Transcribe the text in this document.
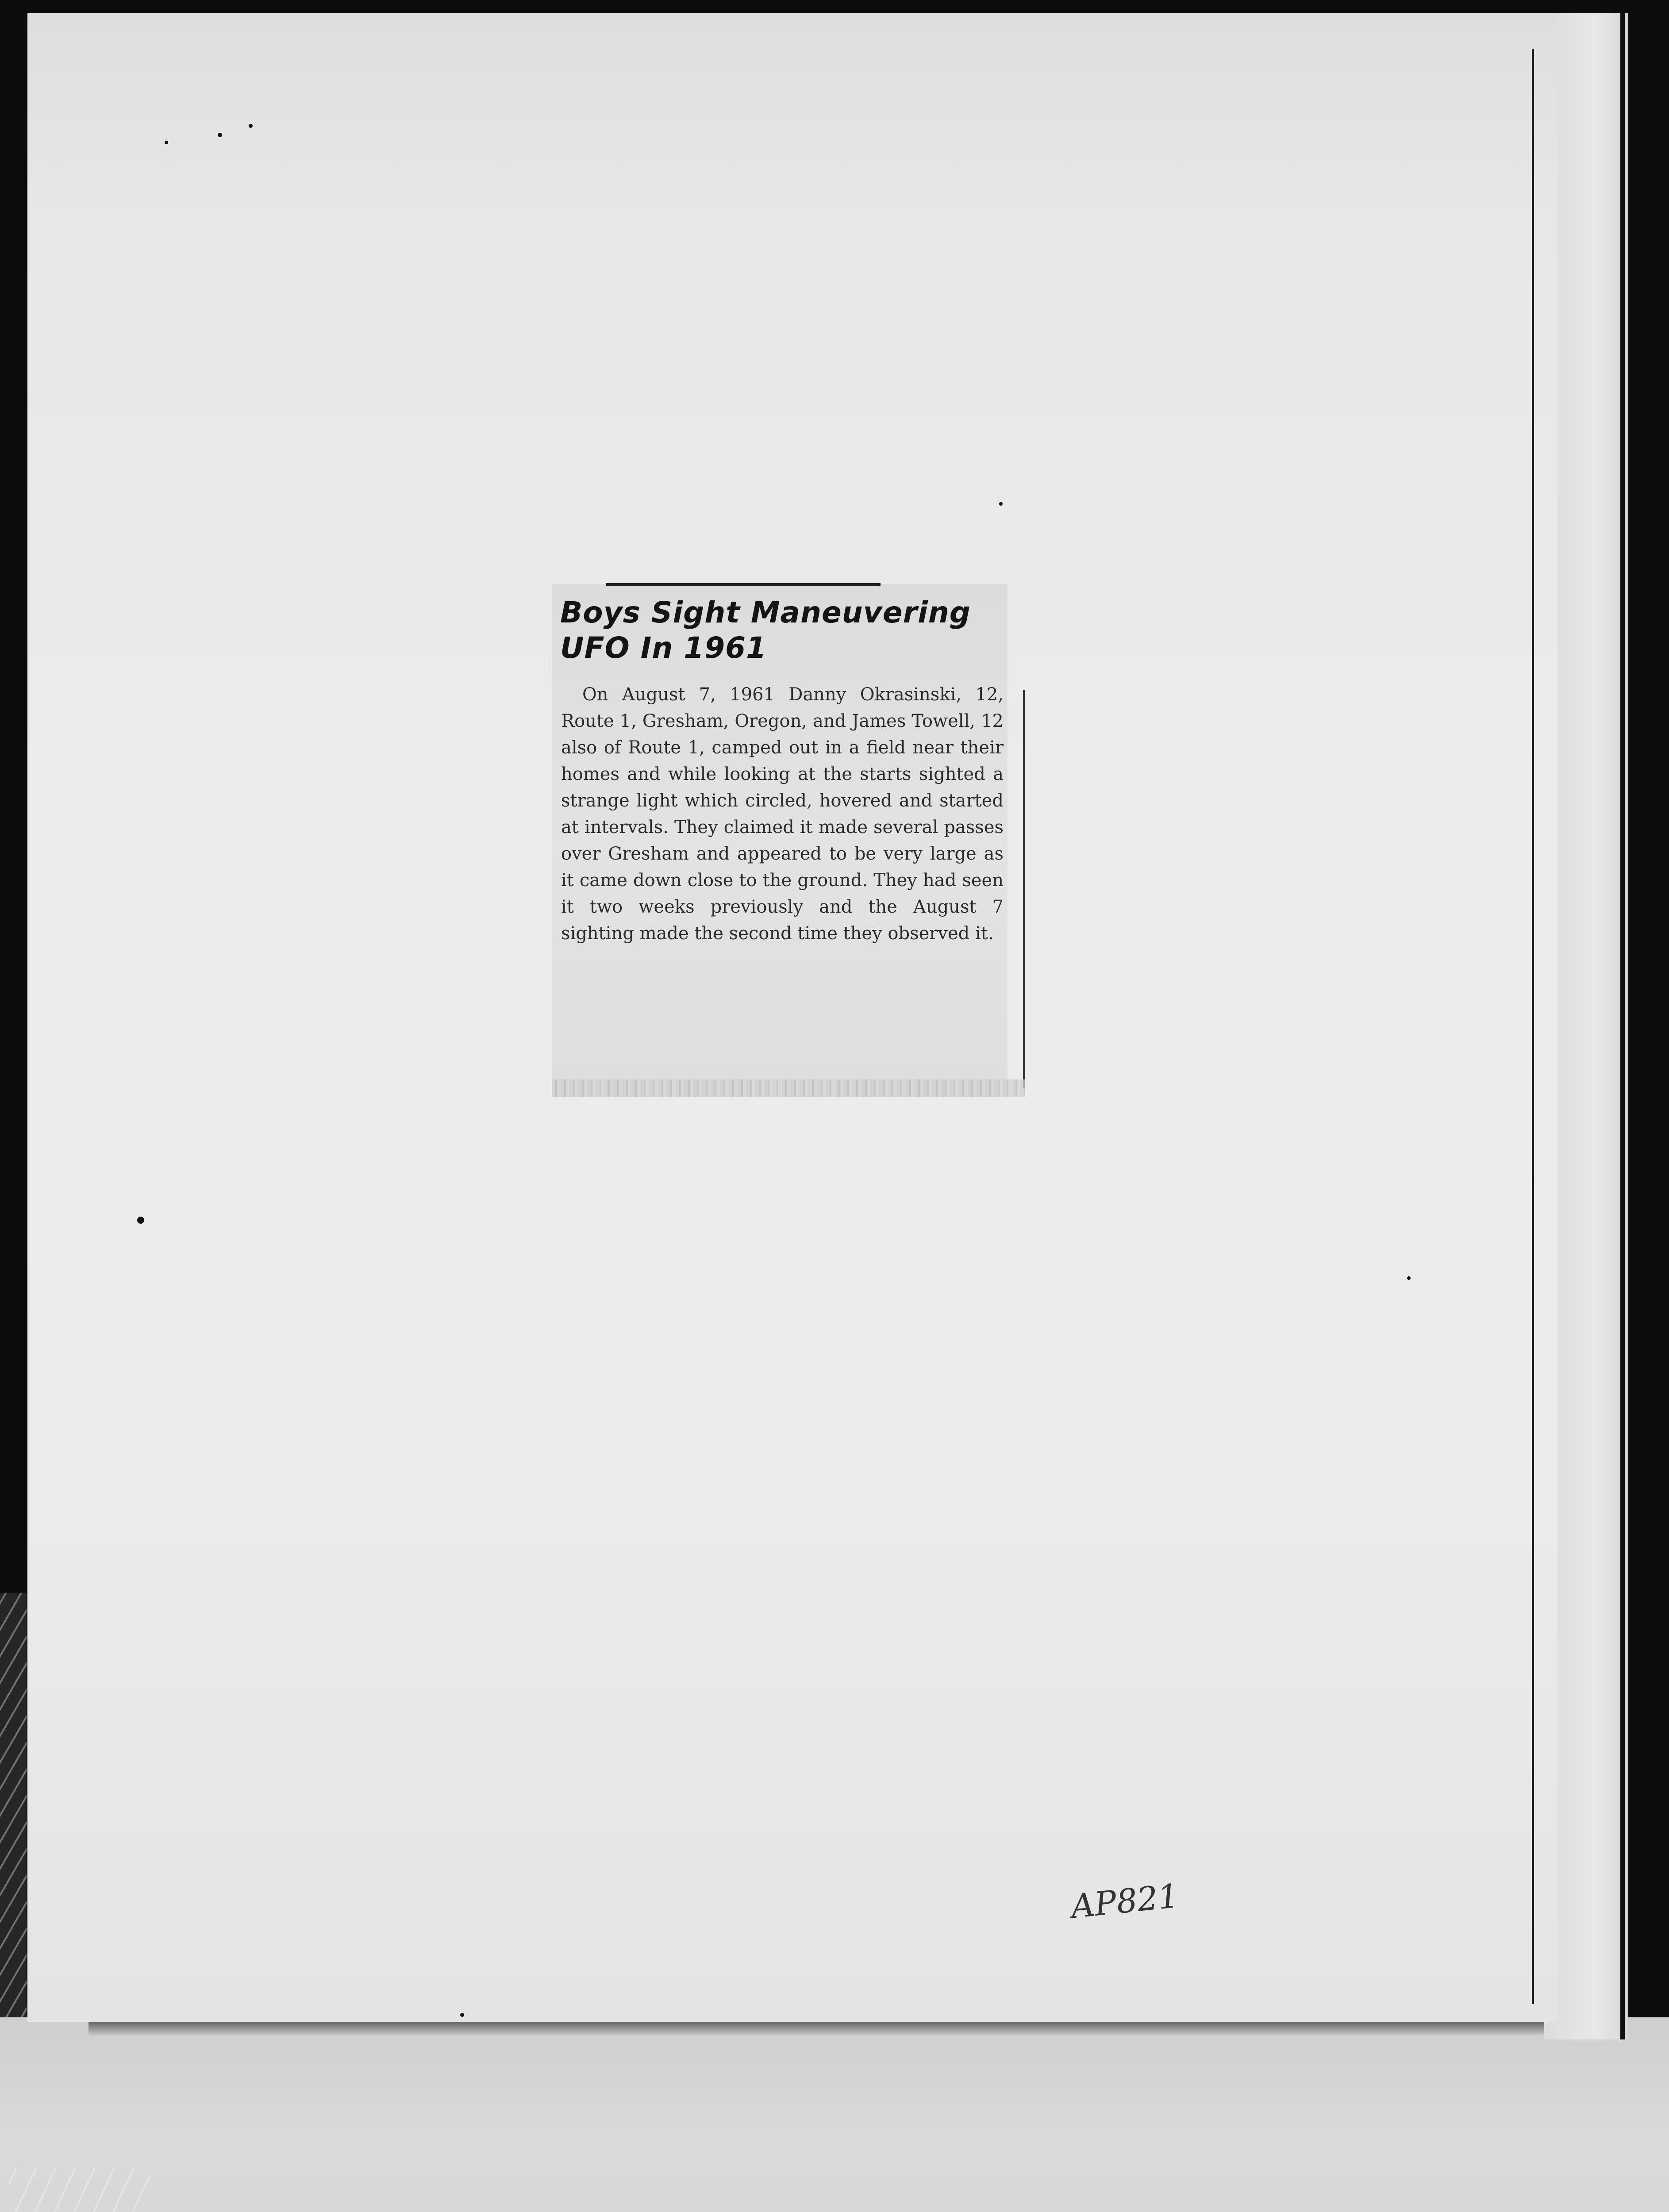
Boys Sight Maneuvering
UFO In 1961

On August 7, 1961 Danny Okrasinski, 12, Route 1, Gresham, Oregon, and James Towell, 12 also of Route 1, camped out in a field near their homes and while looking at the starts sighted a strange light which circled, hovered and started at intervals. They claimed it made several passes over Gresham and appeared to be very large as it came down close to the ground. They had seen it two weeks previously and the August 7 sighting made the second time they observed it.

AP821
